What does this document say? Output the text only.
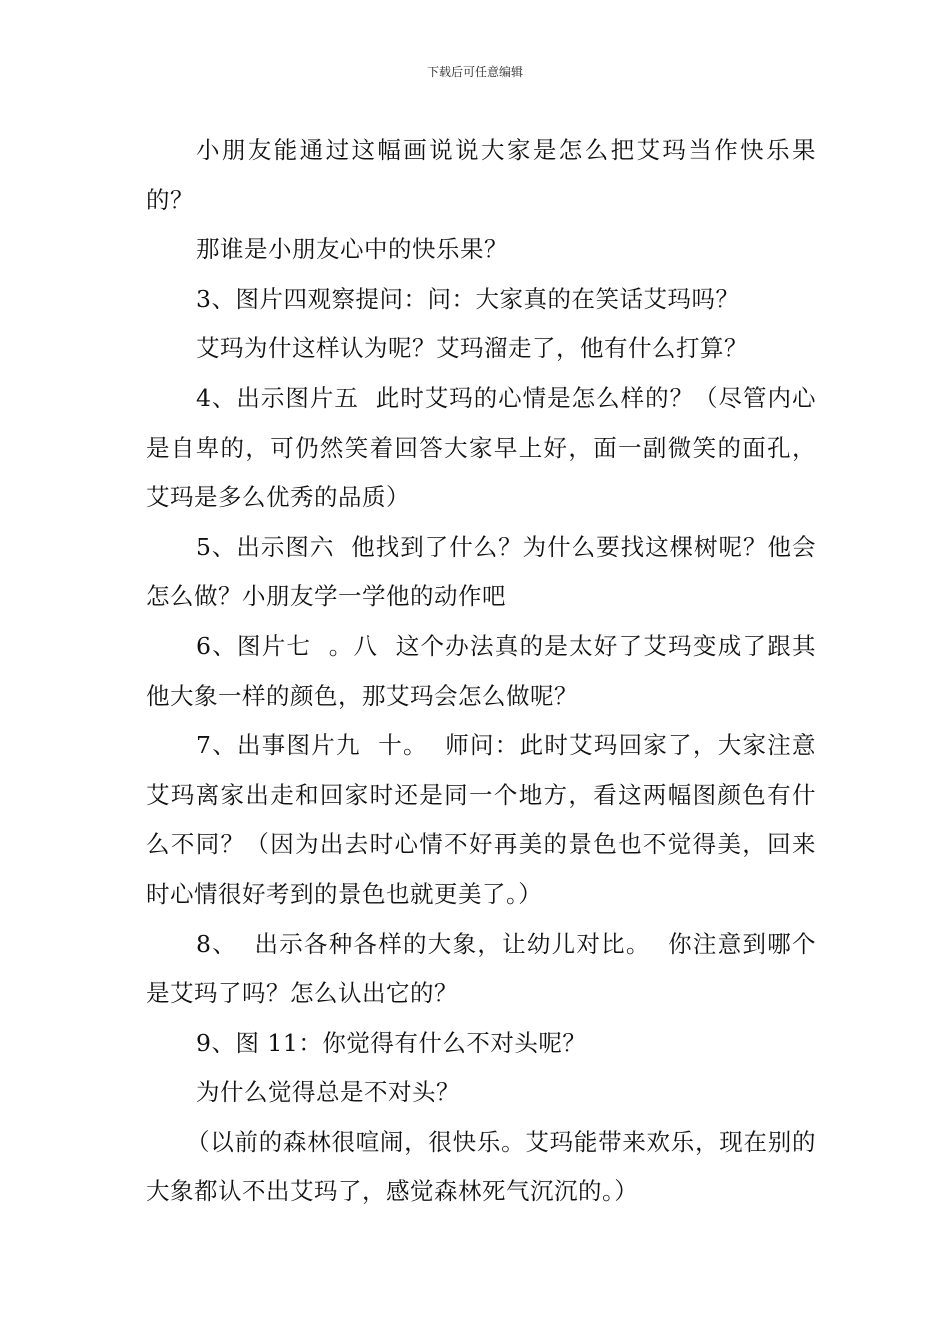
下载后可任意编辑

小朋友能通过这幅画说说大家是怎么把艾玛当作快乐果的？

那谁是小朋友心中的快乐果？

3、图片四观察提问：问：大家真的在笑话艾玛吗？

艾玛为什这样认为呢？艾玛溜走了，他有什么打算？

4、出示图片五  此时艾玛的心情是怎么样的？（尽管内心是自卑的，可仍然笑着回答大家早上好，面一副微笑的面孔，艾玛是多么优秀的品质）

5、出示图六  他找到了什么？为什么要找这棵树呢？他会怎么做？小朋友学一学他的动作吧

6、图片七  。八  这个办法真的是太好了艾玛变成了跟其他大象一样的颜色，那艾玛会怎么做呢？

7、出事图片九  十。  师问：此时艾玛回家了，大家注意艾玛离家出走和回家时还是同一个地方，看这两幅图颜色有什么不同？（因为出去时心情不好再美的景色也不觉得美，回来时心情很好考到的景色也就更美了。）

8、  出示各种各样的大象，让幼儿对比。  你注意到哪个是艾玛了吗？怎么认出它的？

9、图 11：你觉得有什么不对头呢？

为什么觉得总是不对头？

（以前的森林很喧闹，很快乐。艾玛能带来欢乐，现在别的大象都认不出艾玛了，感觉森林死气沉沉的。）
